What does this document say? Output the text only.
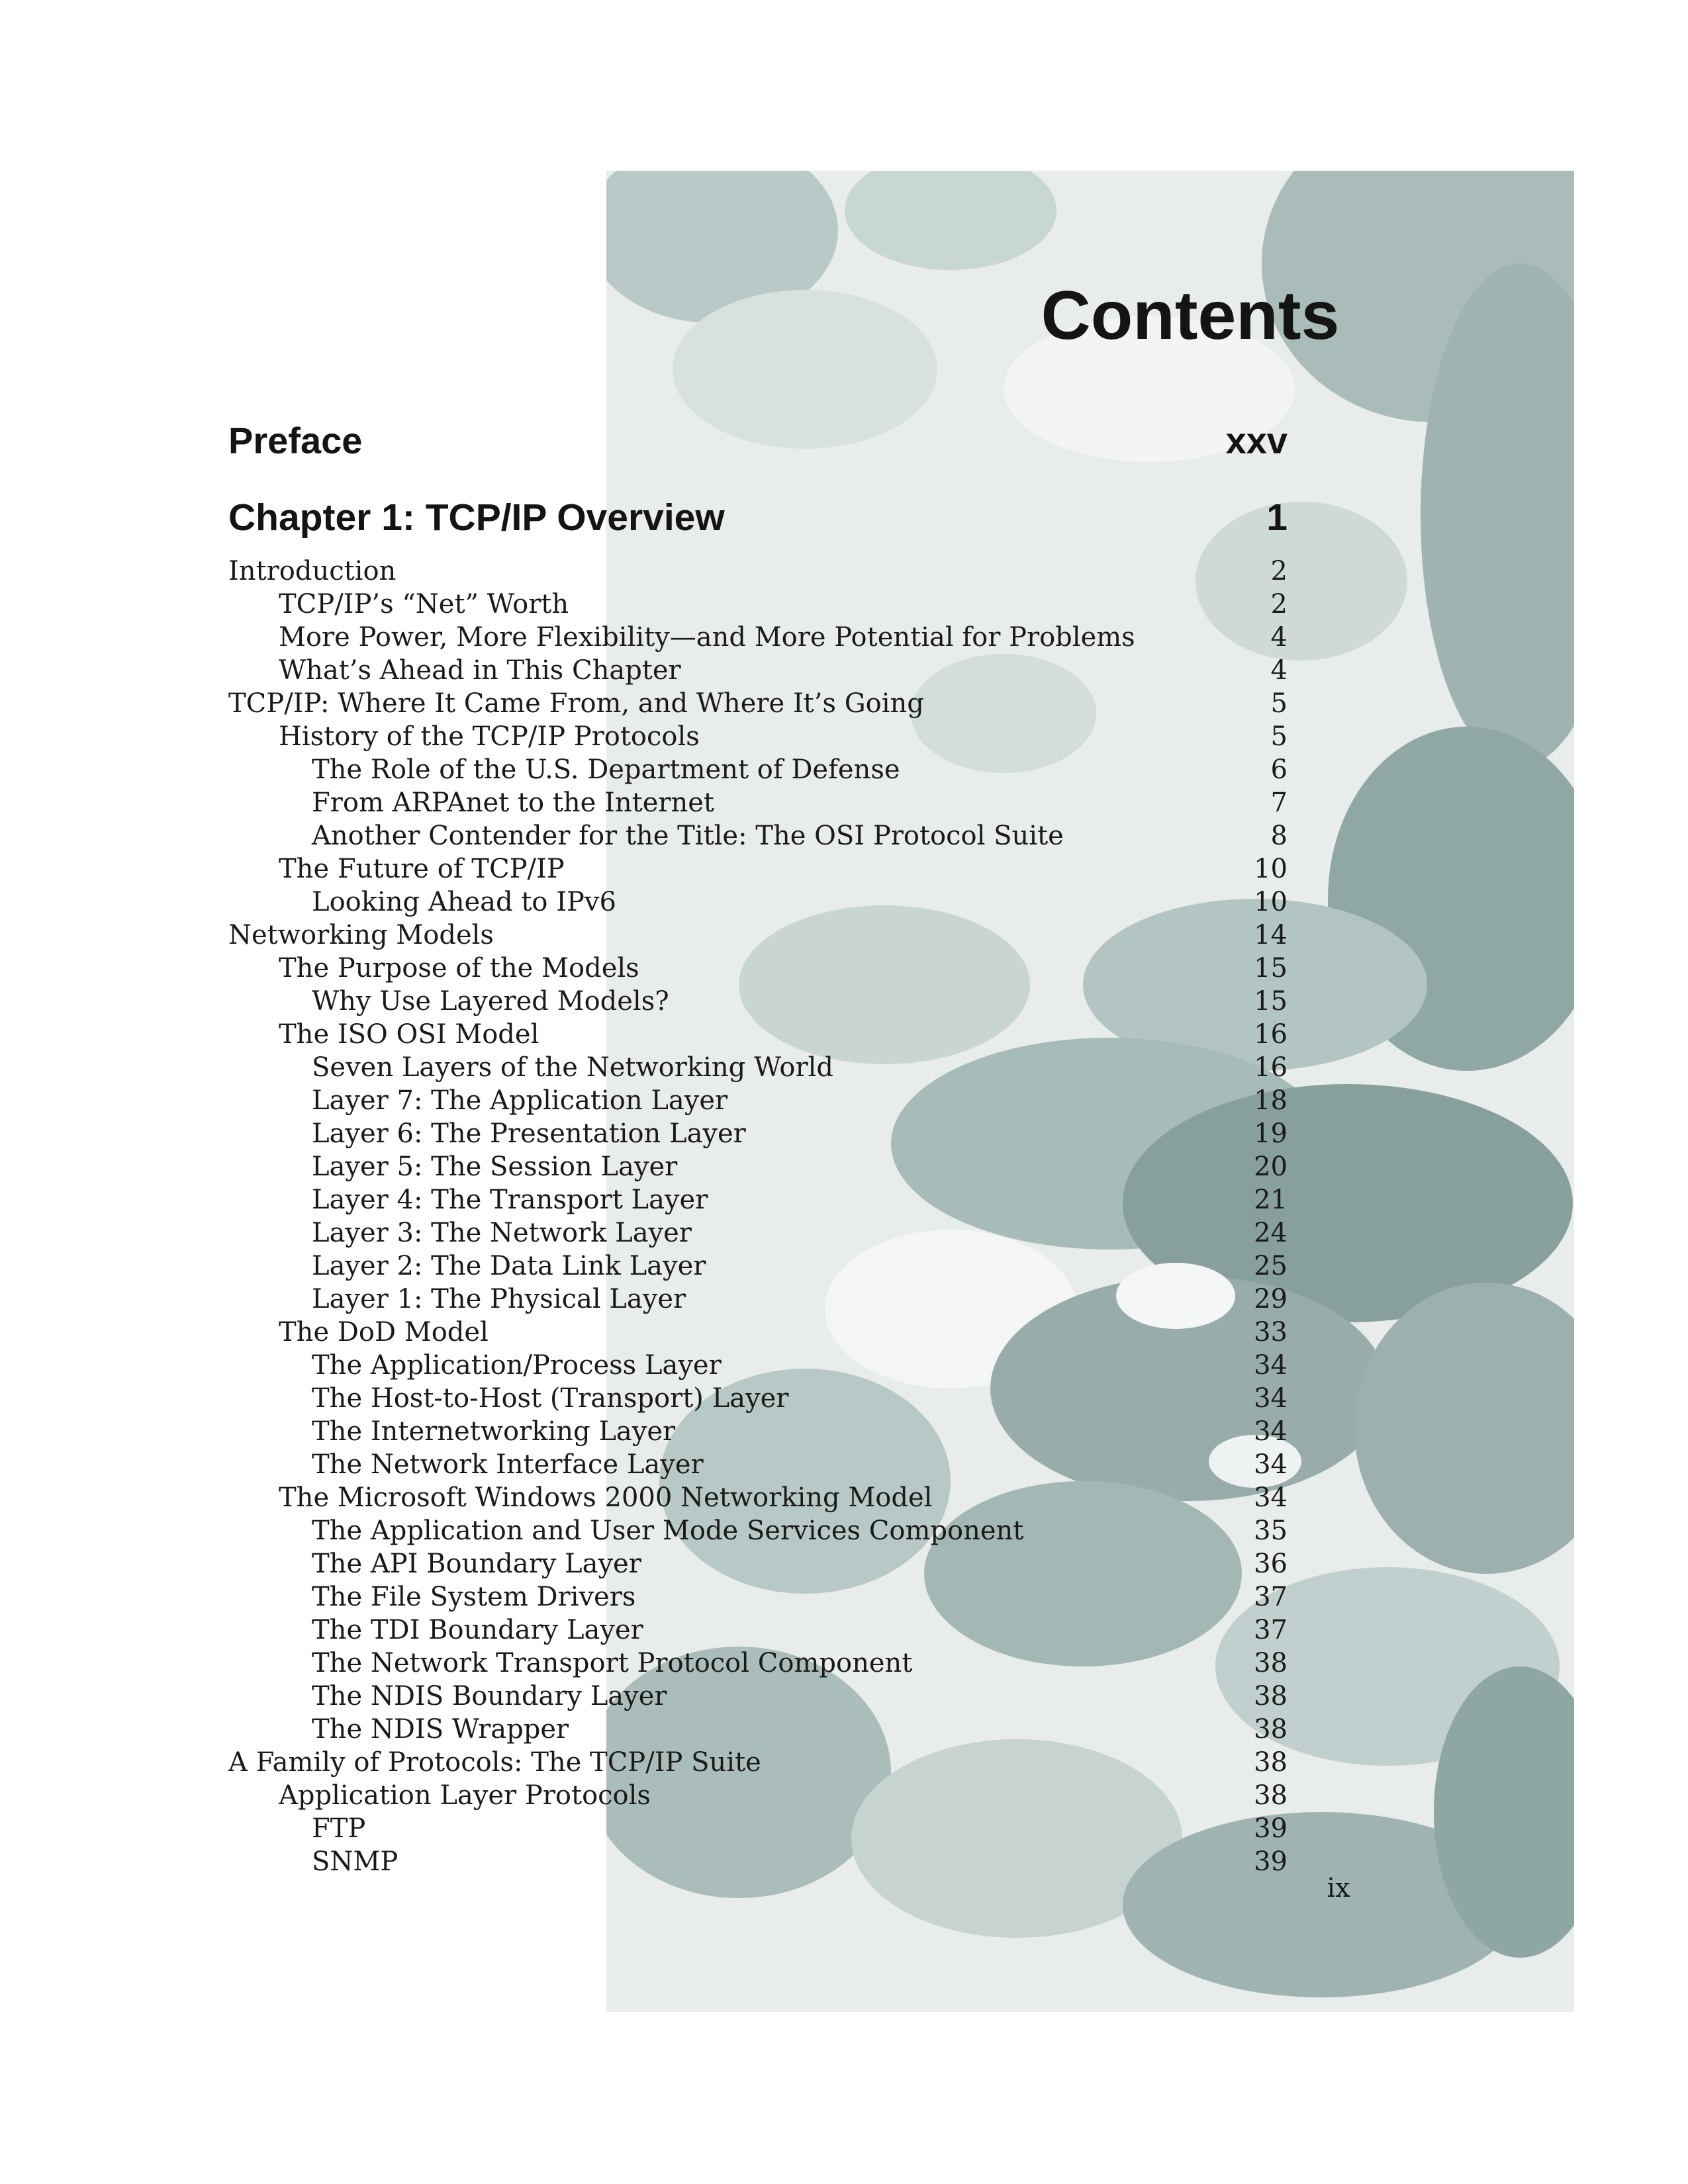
Contents
Preface	xxv
Chapter 1: TCP/IP Overview	1
Introduction	2
TCP/IP’s “Net” Worth	2
More Power, More Flexibility—and More Potential for Problems	4
What’s Ahead in This Chapter	4
TCP/IP: Where It Came From, and Where It’s Going	5
History of the TCP/IP Protocols	5
The Role of the U.S. Department of Defense	6
From ARPAnet to the Internet	7
Another Contender for the Title: The OSI Protocol Suite	8
The Future of TCP/IP	10
Looking Ahead to IPv6	10
Networking Models	14
The Purpose of the Models	15
Why Use Layered Models?	15
The ISO OSI Model	16
Seven Layers of the Networking World	16
Layer 7: The Application Layer	18
Layer 6: The Presentation Layer	19
Layer 5: The Session Layer	20
Layer 4: The Transport Layer	21
Layer 3: The Network Layer	24
Layer 2: The Data Link Layer	25
Layer 1: The Physical Layer	29
The DoD Model	33
The Application/Process Layer	34
The Host-to-Host (Transport) Layer	34
The Internetworking Layer	34
The Network Interface Layer	34
The Microsoft Windows 2000 Networking Model	34
The Application and User Mode Services Component	35
The API Boundary Layer	36
The File System Drivers	37
The TDI Boundary Layer	37
The Network Transport Protocol Component	38
The NDIS Boundary Layer	38
The NDIS Wrapper	38
A Family of Protocols: The TCP/IP Suite	38
Application Layer Protocols	38
FTP	39
SNMP	39
ix
